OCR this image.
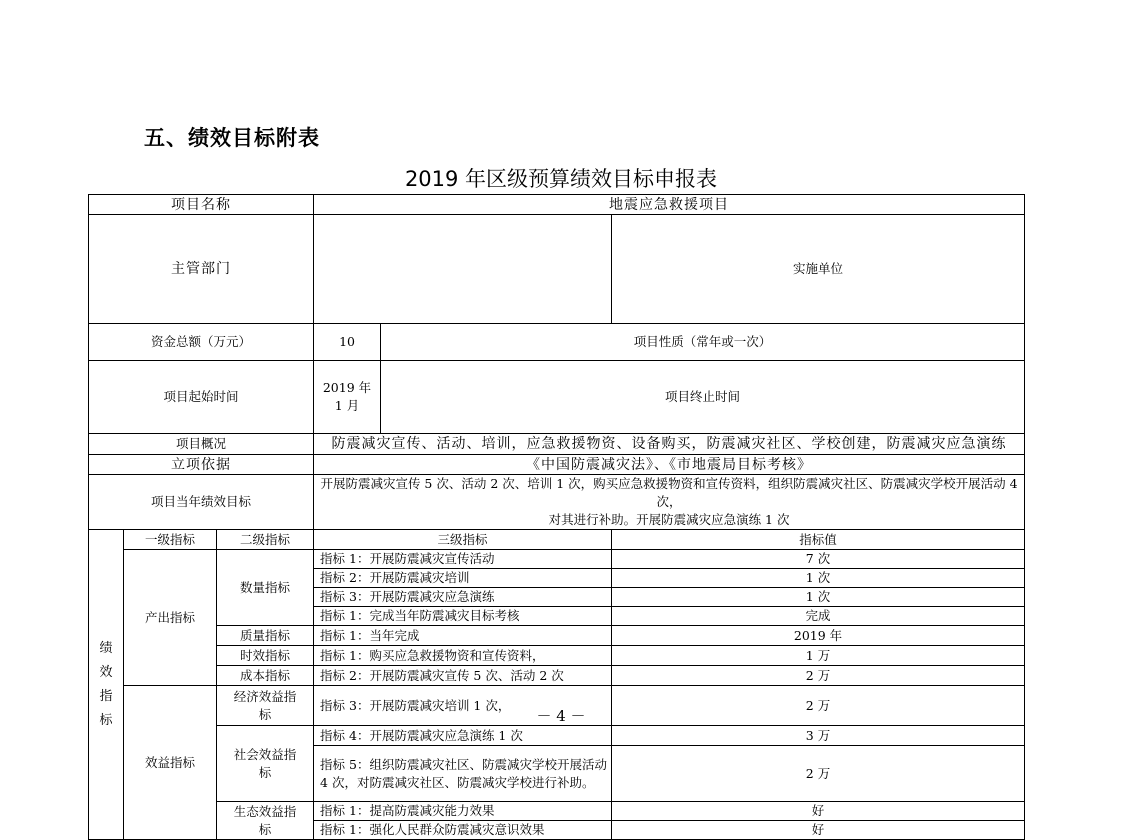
五、绩效目标附表
2019 年区级预算绩效目标申报表
项目名称			地震应急救援项目			
主管部门					实施单位	
资金总额（万元）			10	项目性质（常年或一次）	
项目起始时间			2019 年 1 月	项目终止时间	
项目概况			防震减灾宣传、活动、培训，应急救援物资、设备购买，防震减灾社区、学校创建，防震减灾应急演练			
立项依据			《中国防震减灾法》、《市地震局目标考核》			
项目当年绩效目标			开展防震减灾宣传 5 次、活动 2 次、培训 1 次，购买应急救援物资和宣传资料，组织防震减灾社区、防震减灾学校开展活动 4 次，
对其进行补助。开展防震减灾应急演练 1 次			

绩效指标	一级指标	二级指标	三级指标		指标值	
	产出指标	数量指标	指标 1：开展防震减灾宣传活动		7 次	
			指标 2：开展防震减灾培训		1 次	
			指标 3：开展防震减灾应急演练		1 次	
			指标 1：完成当年防震减灾目标考核		完成	
		质量指标	指标 1：当年完成		2019 年	
		时效指标	指标 1：购买应急救援物资和宣传资料，		1 万	
		成本指标	指标 2：开展防震减灾宣传 5 次、活动 2 次		2 万	
	效益指标	经济效益指标	指标 3：开展防震减灾培训 1 次，		2 万	
		社会效益指标	指标 4：开展防震减灾应急演练 1 次		3 万	
			指标 5：组织防震减灾社区、防震减灾学校开展活动 4 次，对防震减灾社区、防震减灾学校进行补助。		2 万	
		生态效益指标	指标 1：提高防震减灾能力效果		好	
			指标 1：强化人民群众防震减灾意识效果		好	
－ 4 －
